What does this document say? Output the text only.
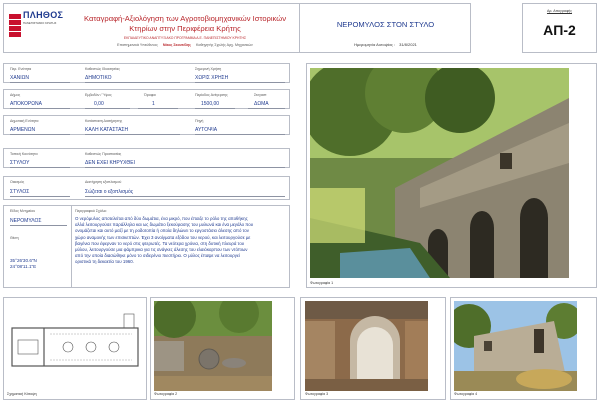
ΠΛΗΘΟΣ
ΠΑΝΕΠΙΣΤΗΜΙΟ ΚΡΗΤΗΣ	Καταγραφή-Αξιολόγηση των Αγροτοβιομηχανικών Ιστορικών
Κτηρίων στην Περιφέρεια Κρήτης
ΕΚΠΑΙΔΕΥΤΙΚΟ ΑΝΑΠΤΥΞΙΑΚΟ ΠΡΟΓΡΑΜΜΑ Α.Ε. ΠΑΝΕΠΙΣΤΗΜΙΟΥ ΚΡΗΤΗΣ
Επιστημονικά Υπεύθυνος Νίκος Σκουτέλης Καθηγητής Σχολής Αρχ. Μηχανικών
ΝΕΡΟΜΥΛΟΣ ΣΤΟΝ ΣΤΥΛΟ
Ημερομηνία Αυτοψίας : 31/8/2021
Αρ. Απογραφής
ΑΠ-2
Περ. Ενότητα
ΧΑΝΙΩΝ
Καθεστώς Ιδιοκτησίας
ΔΗΜΟΤΙΚΟ
Σημερινή Χρήση
ΧΩΡΙΣ ΧΡΗΣΗ
Δήμος
ΑΠΟΚΟΡΩΝΑ
Εμβαδόν / Ύψος
0,00
Όροφοι
1
Περίοδος Ανέγερσης
1500,00
Στεγαστ
ΔΩΜΑ
Δημοτική Ενότητα
ΑΡΜΕΝΩΝ
Κατάσταση Διατήρησης
ΚΑΛΗ ΚΑΤΑΣΤΑΣΗ
Πηγή
ΑΥΤΟΨΙΑ
Τοπική Κοινότητα
ΣΤΥΛΟΥ
Καθεστώς Προστασίας
ΔΕΝ ΕΧΕΙ ΚΗΡΥΧΘΕΙ
Οικισμός
ΣΤΥΛΟΣ
Διατήρηση εξοπλισμού
Σώζεται ο εξοπλισμός
Είδος Μνημείου
ΝΕΡΟΜΥΛΟΣ
Θέση
35°26'30.6"N
24°08'11.1"E
Περιγραφικό Σχόλιο
Ο νερόμυλος αποτελείται από δύο δωμάτια, ένα μικρό, που έπαιζε το ρόλο της αποθήκης
αλλά λειτουργούσε παράλληλα και ως δωμάτιο ξεκούρασης του μυλωνά και ένα μεγάλο που
ονομάζεται και αυτό μαζί με τη ροδοτοπία ή οποία δηλώνει το εργοστάσιο άλεσης από τον
χώρο αναμονής των επισκεπτών. Έχει 3 ανοίγματα εξόδου του νερού, και λειτουργούσε με
βαγένια που έφερναν το νερό στις φτερωτές. Τα νεότερα χρόνια, στη δυτική πλευρά του
μύλου, λειτουργούσε μια φάμπρικα για τις ανάγκες άλεσης του ελαιόκαρπου των ντόπιων
από την οποία διασώθηκε μόνο το σιδερένιο πιεστήριο. Ο μύλος έπαψε να λειτουργεί
οριστικά τη δεκαετία του 1960.
Φωτογραφία 1
Σχηματική Κάτοψη	Φωτογραφία 2	Φωτογραφία 3	Φωτογραφία 4
